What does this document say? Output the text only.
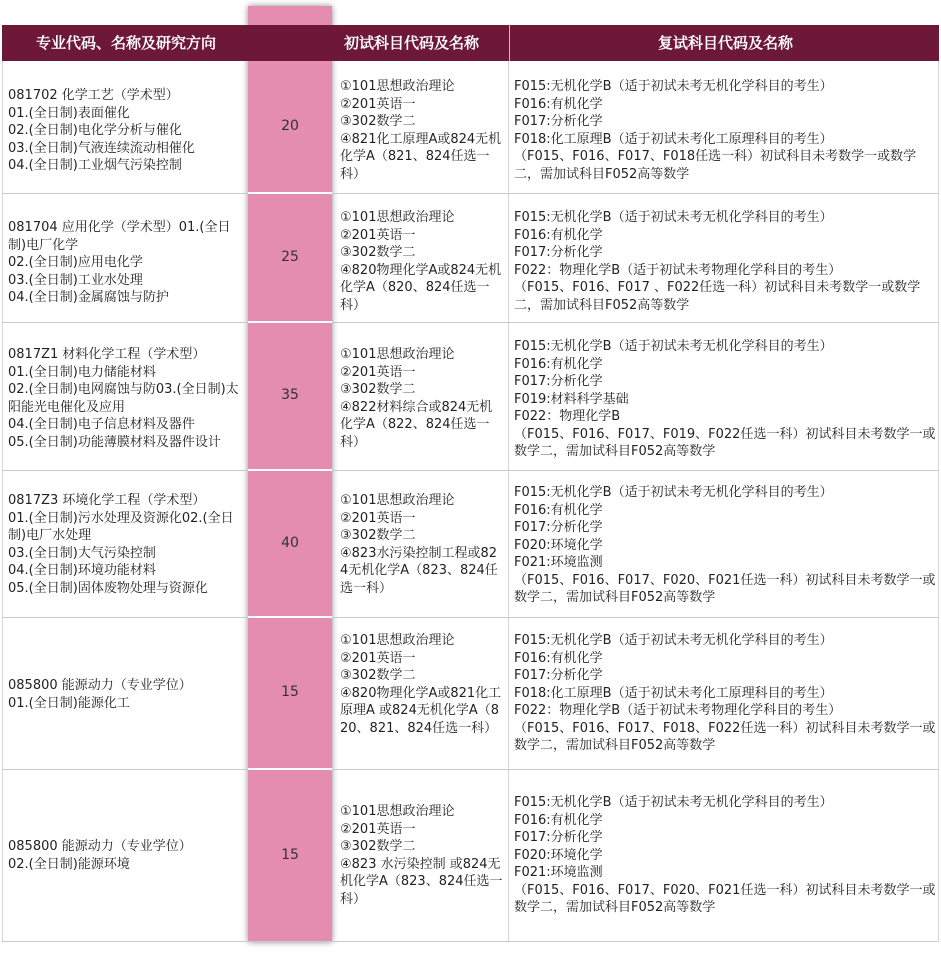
专业代码、名称及研究方向	初试科目代码及名称	复试科目代码及名称
081702 化学工艺（学术型）
01.(全日制)表面催化
02.(全日制)电化学分析与催化
03.(全日制)气液连续流动相催化
04.(全日制)工业烟气污染控制
①101思想政治理论
②201英语一
③302数学二
④821化工原理A或824无机化学A（821、824任选一科）
F015:无机化学B（适于初试未考无机化学科目的考生）
F016:有机化学
F017:分析化学
F018:化工原理B（适于初试未考化工原理科目的考生）
（F015、F016、F017、F018任选一科）初试科目未考数学一或数学二，需加试科目F052高等数学
20
081704 应用化学（学术型）01.(全日制)电厂化学
02.(全日制)应用电化学
03.(全日制)工业水处理
04.(全日制)金属腐蚀与防护
①101思想政治理论
②201英语一
③302数学二
④820物理化学A或824无机化学A（820、824任选一科）
F015:无机化学B（适于初试未考无机化学科目的考生）
F016:有机化学
F017:分析化学
F022：物理化学B（适于初试未考物理化学科目的考生）
（F015、F016、F017 、F022任选一科）初试科目未考数学一或数学二，需加试科目F052高等数学
25
0817Z1 材料化学工程（学术型）
01.(全日制)电力储能材料
02.(全日制)电网腐蚀与防03.(全日制)太阳能光电催化及应用
04.(全日制)电子信息材料及器件
05.(全日制)功能薄膜材料及器件设计
①101思想政治理论
②201英语一
③302数学二
④822材料综合或824无机化学A（822、824任选一科）
F015:无机化学B（适于初试未考无机化学科目的考生）
F016:有机化学
F017:分析化学
F019:材料科学基础
F022：物理化学B
（F015、F016、F017、F019、F022任选一科）初试科目未考数学一或数学二，需加试科目F052高等数学
35
0817Z3 环境化学工程（学术型）
01.(全日制)污水处理及资源化02.(全日制)电厂水处理
03.(全日制)大气污染控制
04.(全日制)环境功能材料
05.(全日制)固体废物处理与资源化
①101思想政治理论
②201英语一
③302数学二
④823水污染控制工程或824无机化学A（823、824任选一科）
F015:无机化学B（适于初试未考无机化学科目的考生）
F016:有机化学
F017:分析化学
F020:环境化学
F021:环境监测
（F015、F016、F017、F020、F021任选一科）初试科目未考数学一或数学二，需加试科目F052高等数学
40
085800 能源动力（专业学位）
01.(全日制)能源化工
①101思想政治理论
②201英语一
③302数学二
④820物理化学A或821化工原理A 或824无机化学A（820、821、824任选一科）
F015:无机化学B（适于初试未考无机化学科目的考生）
F016:有机化学
F017:分析化学
F018:化工原理B（适于初试未考化工原理科目的考生）
F022：物理化学B（适于初试未考物理化学科目的考生）
（F015、F016、F017、F018、F022任选一科）初试科目未考数学一或数学二，需加试科目F052高等数学
15
085800 能源动力（专业学位）
02.(全日制)能源环境
①101思想政治理论
②201英语一
③302数学二
④823 水污染控制 或824无机化学A（823、824任选一科）
F015:无机化学B（适于初试未考无机化学科目的考生）
F016:有机化学
F017:分析化学
F020:环境化学
F021:环境监测
（F015、F016、F017、F020、F021任选一科）初试科目未考数学一或数学二，需加试科目F052高等数学
15
